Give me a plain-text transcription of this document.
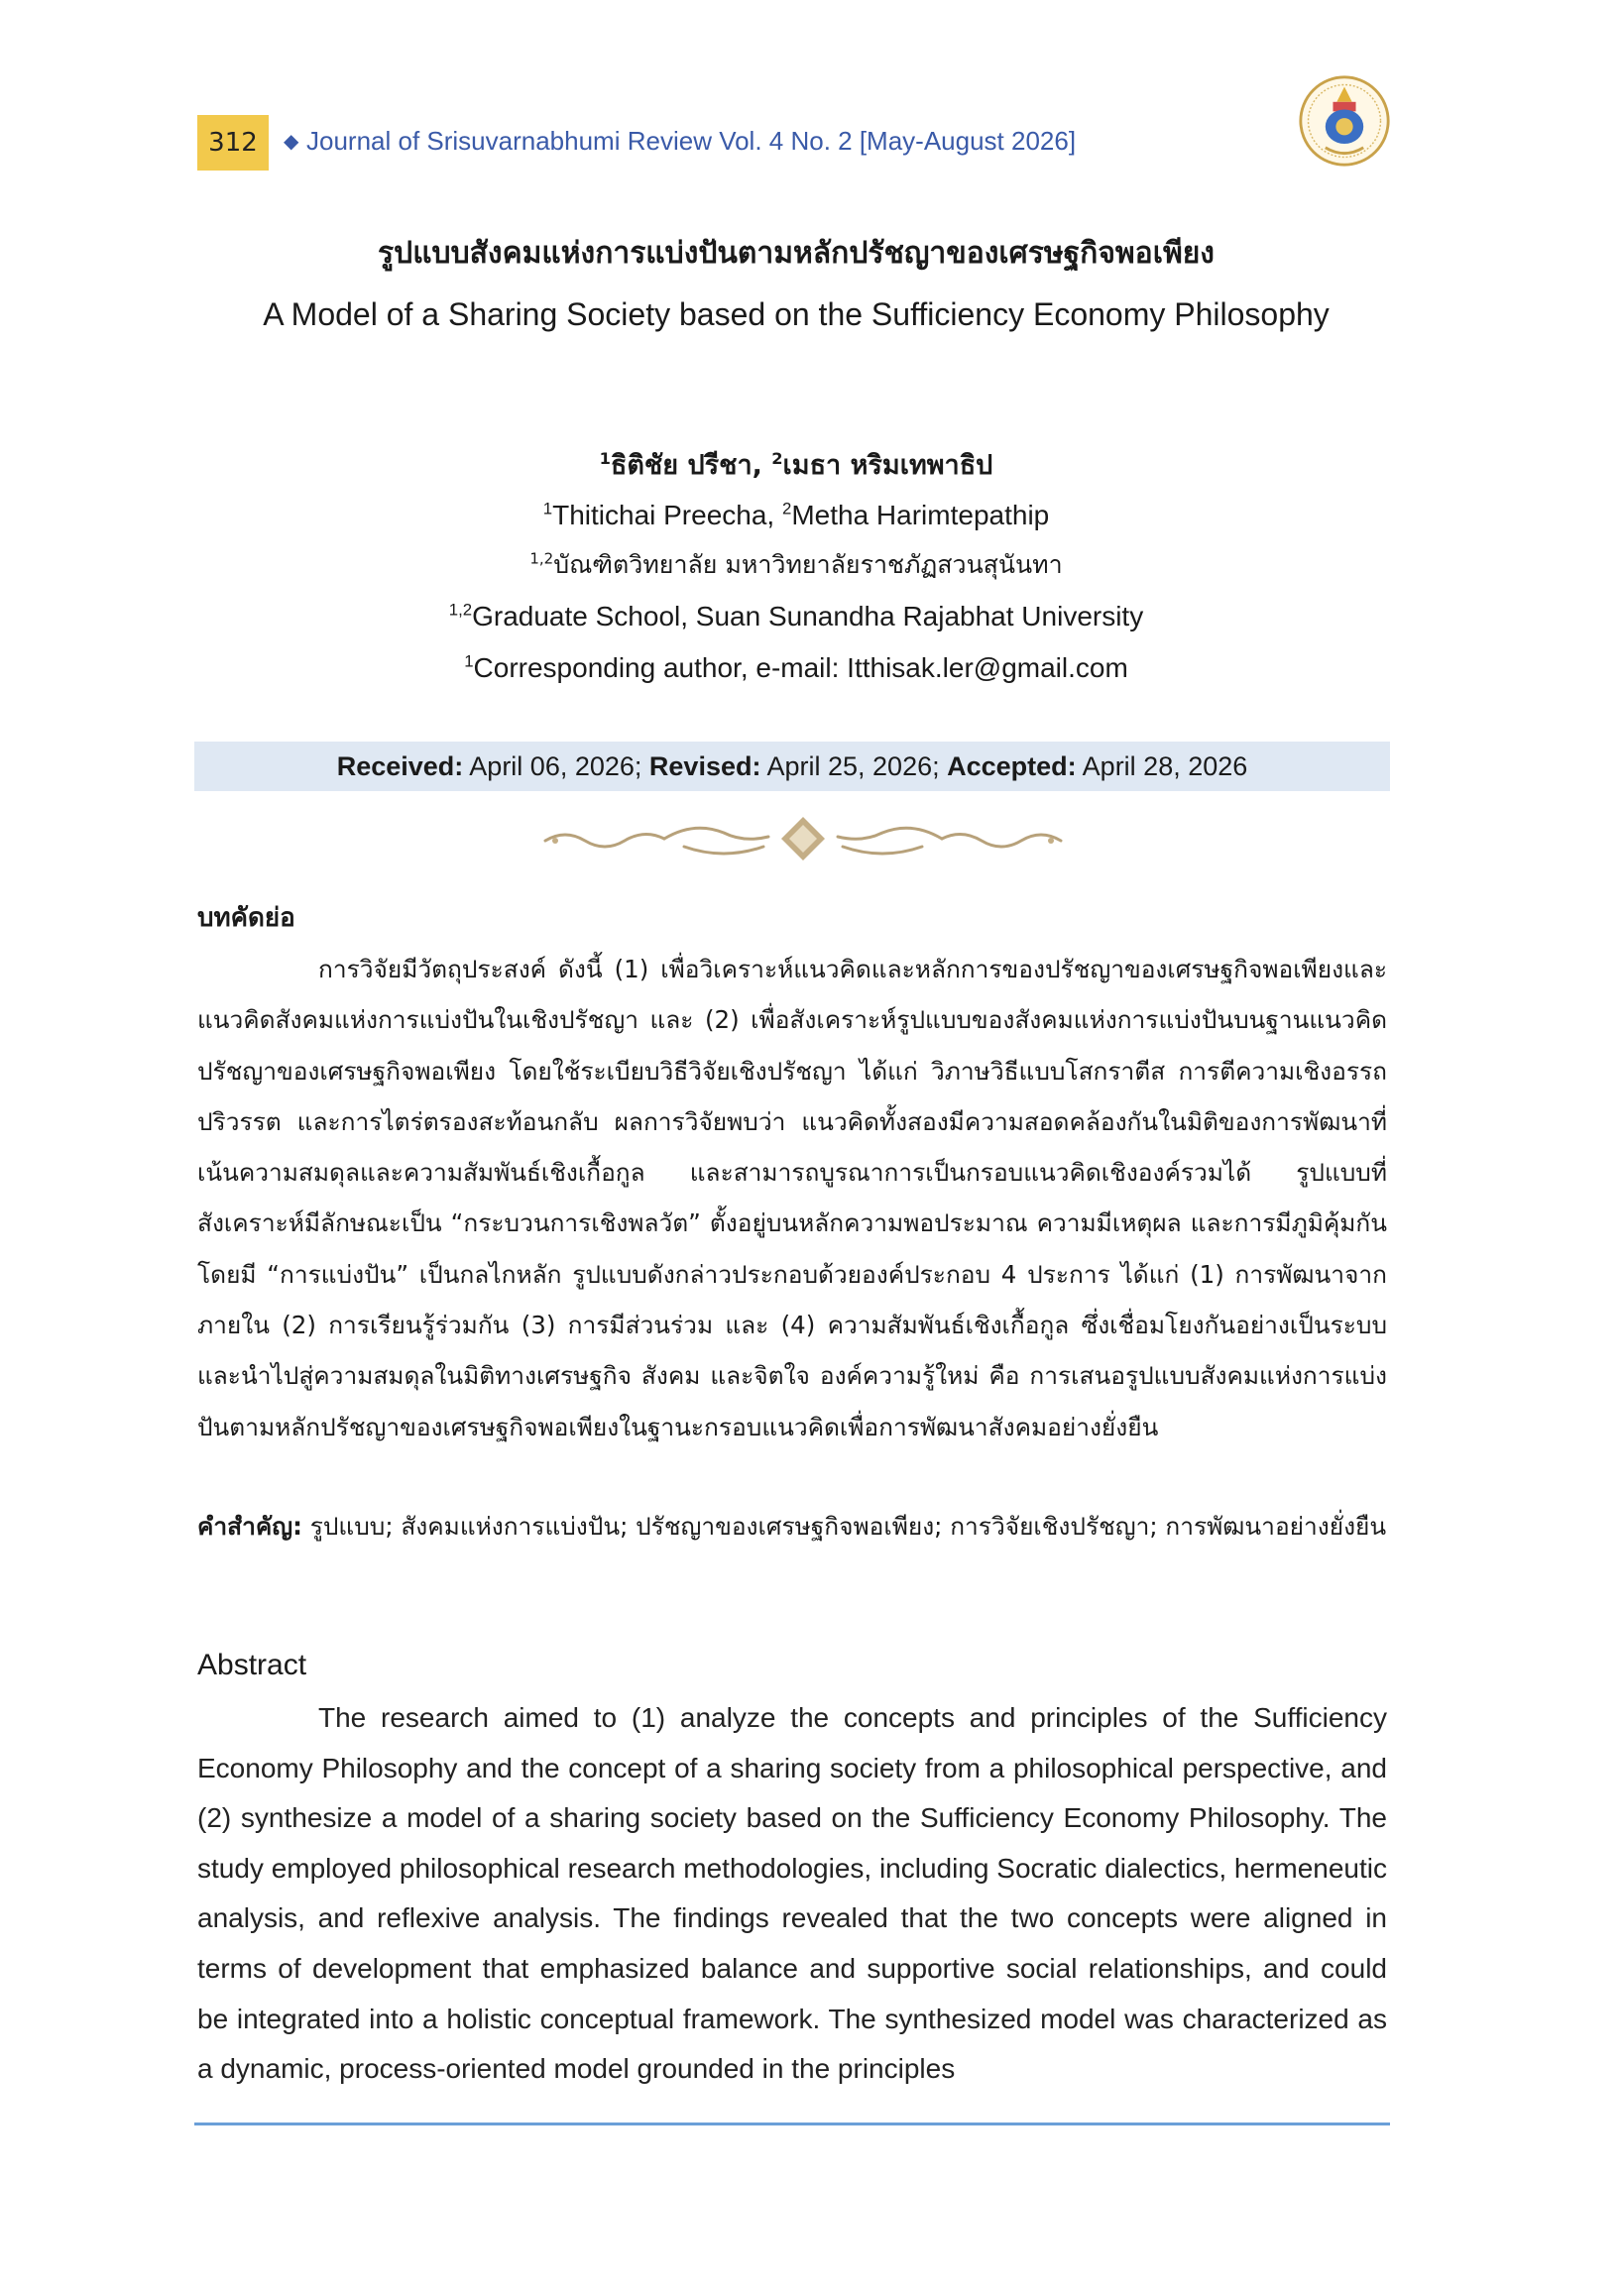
312	◆ Journal of Srisuvarnabhumi Review Vol. 4 No. 2 [May-August 2026]
รูปแบบสังคมแห่งการแบ่งปันตามหลักปรัชญาของเศรษฐกิจพอเพียง
A Model of a Sharing Society based on the Sufficiency Economy Philosophy
$^1$ธิติชัย ปรีชา, $^2$เมธา หริมเทพาธิป
$^1$Thitichai Preecha, $^2$Metha Harimtepathip
$^{1,2}$บัณฑิตวิทยาลัย มหาวิทยาลัยราชภัฏสวนสุนันทา
$^{1,2}$Graduate School, Suan Sunandha Rajabhat University
$^1$Corresponding author, e-mail: Itthisak.ler@gmail.com
Received: April 06, 2026; Revised: April 25, 2026; Accepted: April 28, 2026
บทคัดย่อ
การวิจัยมีวัตถุประสงค์ ดังนี้ (1) เพื่อวิเคราะห์แนวคิดและหลักการของปรัชญาของเศรษฐกิจพอเพียงและแนวคิดสังคมแห่งการแบ่งปันในเชิงปรัชญา และ (2) เพื่อสังเคราะห์รูปแบบของสังคมแห่งการแบ่งปันบนฐานแนวคิดปรัชญาของเศรษฐกิจพอเพียง โดยใช้ระเบียบวิธีวิจัยเชิงปรัชญา ได้แก่ วิภาษวิธีแบบโสกราตีส การตีความเชิงอรรถปริวรรต และการไตร่ตรองสะท้อนกลับ ผลการวิจัยพบว่า แนวคิดทั้งสองมีความสอดคล้องกันในมิติของการพัฒนาที่เน้นความสมดุลและความสัมพันธ์เชิงเกื้อกูล และสามารถบูรณาการเป็นกรอบแนวคิดเชิงองค์รวมได้ รูปแบบที่สังเคราะห์มีลักษณะเป็น “กระบวนการเชิงพลวัต” ตั้งอยู่บนหลักความพอประมาณ ความมีเหตุผล และการมีภูมิคุ้มกัน โดยมี “การแบ่งปัน” เป็นกลไกหลัก รูปแบบดังกล่าวประกอบด้วยองค์ประกอบ 4 ประการ ได้แก่ (1) การพัฒนาจากภายใน (2) การเรียนรู้ร่วมกัน (3) การมีส่วนร่วม และ (4) ความสัมพันธ์เชิงเกื้อกูล ซึ่งเชื่อมโยงกันอย่างเป็นระบบและนำไปสู่ความสมดุลในมิติทางเศรษฐกิจ สังคม และจิตใจ องค์ความรู้ใหม่ คือ การเสนอรูปแบบสังคมแห่งการแบ่งปันตามหลักปรัชญาของเศรษฐกิจพอเพียงในฐานะกรอบแนวคิดเพื่อการพัฒนาสังคมอย่างยั่งยืน
คำสำคัญ: รูปแบบ; สังคมแห่งการแบ่งปัน; ปรัชญาของเศรษฐกิจพอเพียง; การวิจัยเชิงปรัชญา; การพัฒนาอย่างยั่งยืน
Abstract
The research aimed to (1) analyze the concepts and principles of the Sufficiency Economy Philosophy and the concept of a sharing society from a philosophical perspective, and (2) synthesize a model of a sharing society based on the Sufficiency Economy Philosophy. The study employed philosophical research methodologies, including Socratic dialectics, hermeneutic analysis, and reflexive analysis. The findings revealed that the two concepts were aligned in terms of development that emphasized balance and supportive social relationships, and could be integrated into a holistic conceptual framework. The synthesized model was characterized as a dynamic, process-oriented model grounded in the principles
